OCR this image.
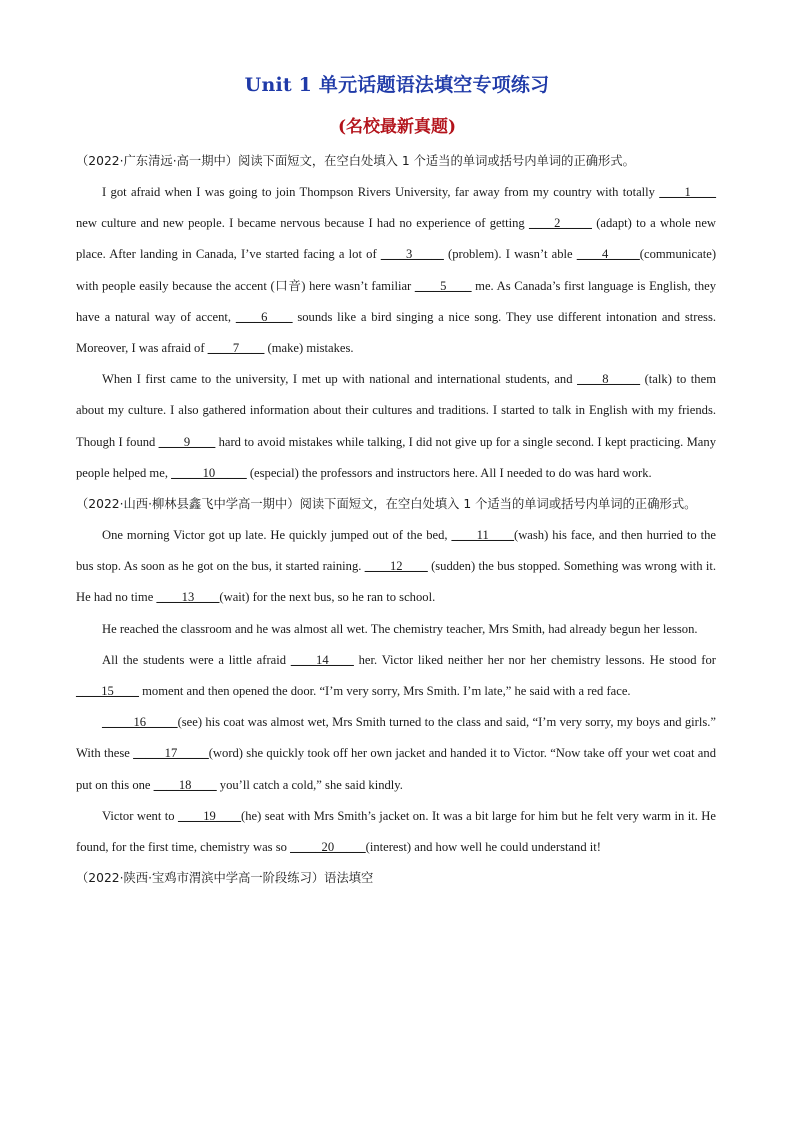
Unit 1 单元话题语法填空专项练习
(名校最新真题)

（2022·广东清远·高一期中）阅读下面短文，在空白处填入 1 个适当的单词或括号内单词的正确形式。

I got afraid when I was going to join Thompson Rivers University, far away from my country with totally ____1____ new culture and new people. I became nervous because I had no experience of getting ____2_____ (adapt) to a whole new place. After landing in Canada, I’ve started facing a lot of ____3_____ (problem). I wasn’t able ____4_____(communicate) with people easily because the accent (口音) here wasn’t familiar ____5____ me. As Canada’s first language is English, they have a natural way of accent, ____6____ sounds like a bird singing a nice song. They use different intonation and stress. Moreover, I was afraid of ____7____ (make) mistakes.

When I first came to the university, I met up with national and international students, and ____8_____ (talk) to them about my culture. I also gathered information about their cultures and traditions. I started to talk in English with my friends. Though I found ____9____ hard to avoid mistakes while talking, I did not give up for a single second. I kept practicing. Many people helped me, _____10_____ (especial) the professors and instructors here. All I needed to do was hard work.

（2022·山西·柳林县鑫飞中学高一期中）阅读下面短文，在空白处填入 1 个适当的单词或括号内单词的正确形式。

One morning Victor got up late. He quickly jumped out of the bed, ____11____(wash) his face, and then hurried to the bus stop. As soon as he got on the bus, it started raining. ____12____ (sudden) the bus stopped. Something was wrong with it. He had no time ____13____(wait) for the next bus, so he ran to school.

He reached the classroom and he was almost all wet. The chemistry teacher, Mrs Smith, had already begun her lesson.

All the students were a little afraid ____14____ her. Victor liked neither her nor her chemistry lessons. He stood for ____15____ moment and then opened the door. “I’m very sorry, Mrs Smith. I’m late,” he said with a red face.

_____16_____(see) his coat was almost wet, Mrs Smith turned to the class and said, “I’m very sorry, my boys and girls.” With these _____17_____(word) she quickly took off her own jacket and handed it to Victor. “Now take off your wet coat and put on this one ____18____ you’ll catch a cold,” she said kindly.

Victor went to ____19____(he) seat with Mrs Smith’s jacket on. It was a bit large for him but he felt very warm in it. He found, for the first time, chemistry was so _____20_____(interest) and how well he could understand it!

（2022·陕西·宝鸡市渭滨中学高一阶段练习）语法填空
